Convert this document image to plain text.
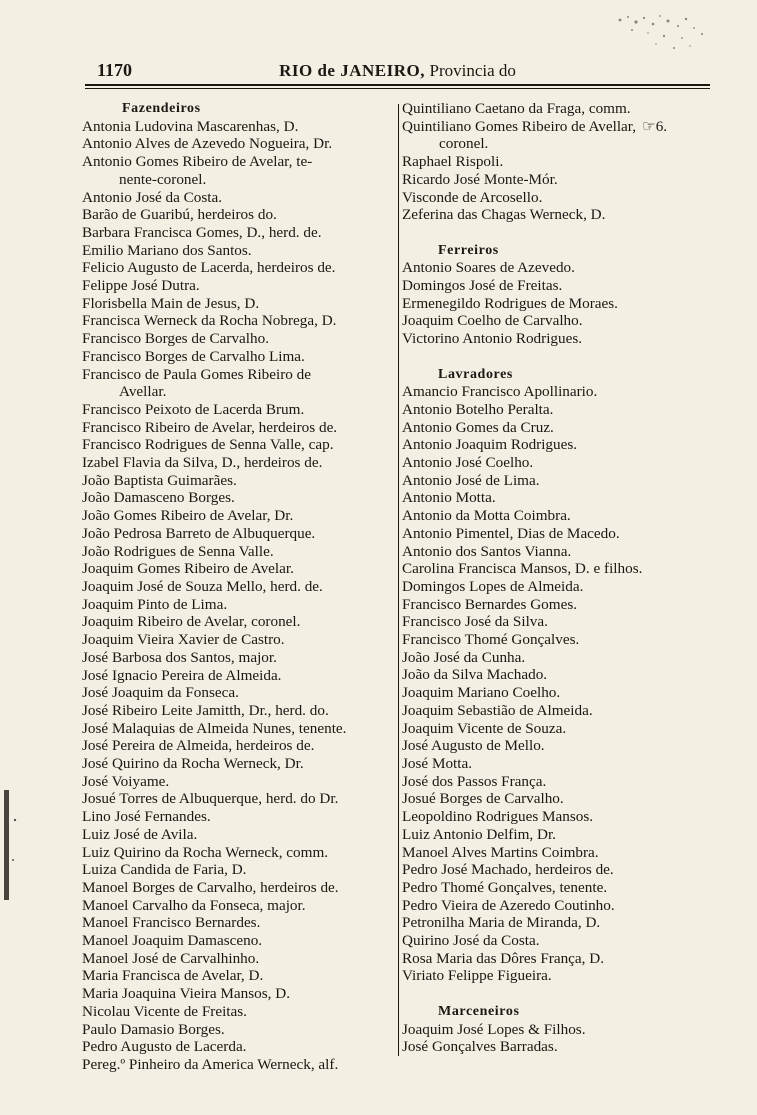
1170	RIO de JANEIRO, Provincia do
Fazendeiros
Antonia Ludovina Mascarenhas, D.
Antonio Alves de Azevedo Nogueira, Dr.
Antonio Gomes Ribeiro de Avelar, te-
nente-coronel.
Antonio José da Costa.
Barão de Guaribú, herdeiros do.
Barbara Francisca Gomes, D., herd. de.
Emilio Mariano dos Santos.
Felicio Augusto de Lacerda, herdeiros de.
Felippe José Dutra.
Florisbella Main de Jesus, D.
Francisca Werneck da Rocha Nobrega, D.
Francisco Borges de Carvalho.
Francisco Borges de Carvalho Lima.
Francisco de Paula Gomes Ribeiro de
Avellar.
Francisco Peixoto de Lacerda Brum.
Francisco Ribeiro de Avelar, herdeiros de.
Francisco Rodrigues de Senna Valle, cap.
Izabel Flavia da Silva, D., herdeiros de.
João Baptista Guimarães.
João Damasceno Borges.
João Gomes Ribeiro de Avelar, Dr.
João Pedrosa Barreto de Albuquerque.
João Rodrigues de Senna Valle.
Joaquim Gomes Ribeiro de Avelar.
Joaquim José de Souza Mello, herd. de.
Joaquim Pinto de Lima.
Joaquim Ribeiro de Avelar, coronel.
Joaquim Vieira Xavier de Castro.
José Barbosa dos Santos, major.
José Ignacio Pereira de Almeida.
José Joaquim da Fonseca.
José Ribeiro Leite Jamitth, Dr., herd. do.
José Malaquias de Almeida Nunes, tenente.
José Pereira de Almeida, herdeiros de.
José Quirino da Rocha Werneck, Dr.
José Voiyame.
Josué Torres de Albuquerque, herd. do Dr.
Lino José Fernandes.
Luiz José de Avila.
Luiz Quirino da Rocha Werneck, comm.
Luiza Candida de Faria, D.
Manoel Borges de Carvalho, herdeiros de.
Manoel Carvalho da Fonseca, major.
Manoel Francisco Bernardes.
Manoel Joaquim Damasceno.
Manoel José de Carvalhinho.
Maria Francisca de Avelar, D.
Maria Joaquina Vieira Mansos, D.
Nicolau Vicente de Freitas.
Paulo Damasio Borges.
Pedro Augusto de Lacerda.
Pereg.º Pinheiro da America Werneck, alf.
Quintiliano Caetano da Fraga, comm.
Quintiliano Gomes Ribeiro de Avellar, ☞6.
coronel.
Raphael Rispoli.
Ricardo José Monte-Mór.
Visconde de Arcosello.
Zeferina das Chagas Werneck, D.
Ferreiros
Antonio Soares de Azevedo.
Domingos José de Freitas.
Ermenegildo Rodrigues de Moraes.
Joaquim Coelho de Carvalho.
Victorino Antonio Rodrigues.
Lavradores
Amancio Francisco Apollinario.
Antonio Botelho Peralta.
Antonio Gomes da Cruz.
Antonio Joaquim Rodrigues.
Antonio José Coelho.
Antonio José de Lima.
Antonio Motta.
Antonio da Motta Coimbra.
Antonio Pimentel, Dias de Macedo.
Antonio dos Santos Vianna.
Carolina Francisca Mansos, D. e filhos.
Domingos Lopes de Almeida.
Francisco Bernardes Gomes.
Francisco José da Silva.
Francisco Thomé Gonçalves.
João José da Cunha.
João da Silva Machado.
Joaquim Mariano Coelho.
Joaquim Sebastião de Almeida.
Joaquim Vicente de Souza.
José Augusto de Mello.
José Motta.
José dos Passos França.
Josué Borges de Carvalho.
Leopoldino Rodrigues Mansos.
Luiz Antonio Delfim, Dr.
Manoel Alves Martins Coimbra.
Pedro José Machado, herdeiros de.
Pedro Thomé Gonçalves, tenente.
Pedro Vieira de Azeredo Coutinho.
Petronilha Maria de Miranda, D.
Quirino José da Costa.
Rosa Maria das Dôres França, D.
Viriato Felippe Figueira.
Marceneiros
Joaquim José Lopes & Filhos.
José Gonçalves Barradas.
